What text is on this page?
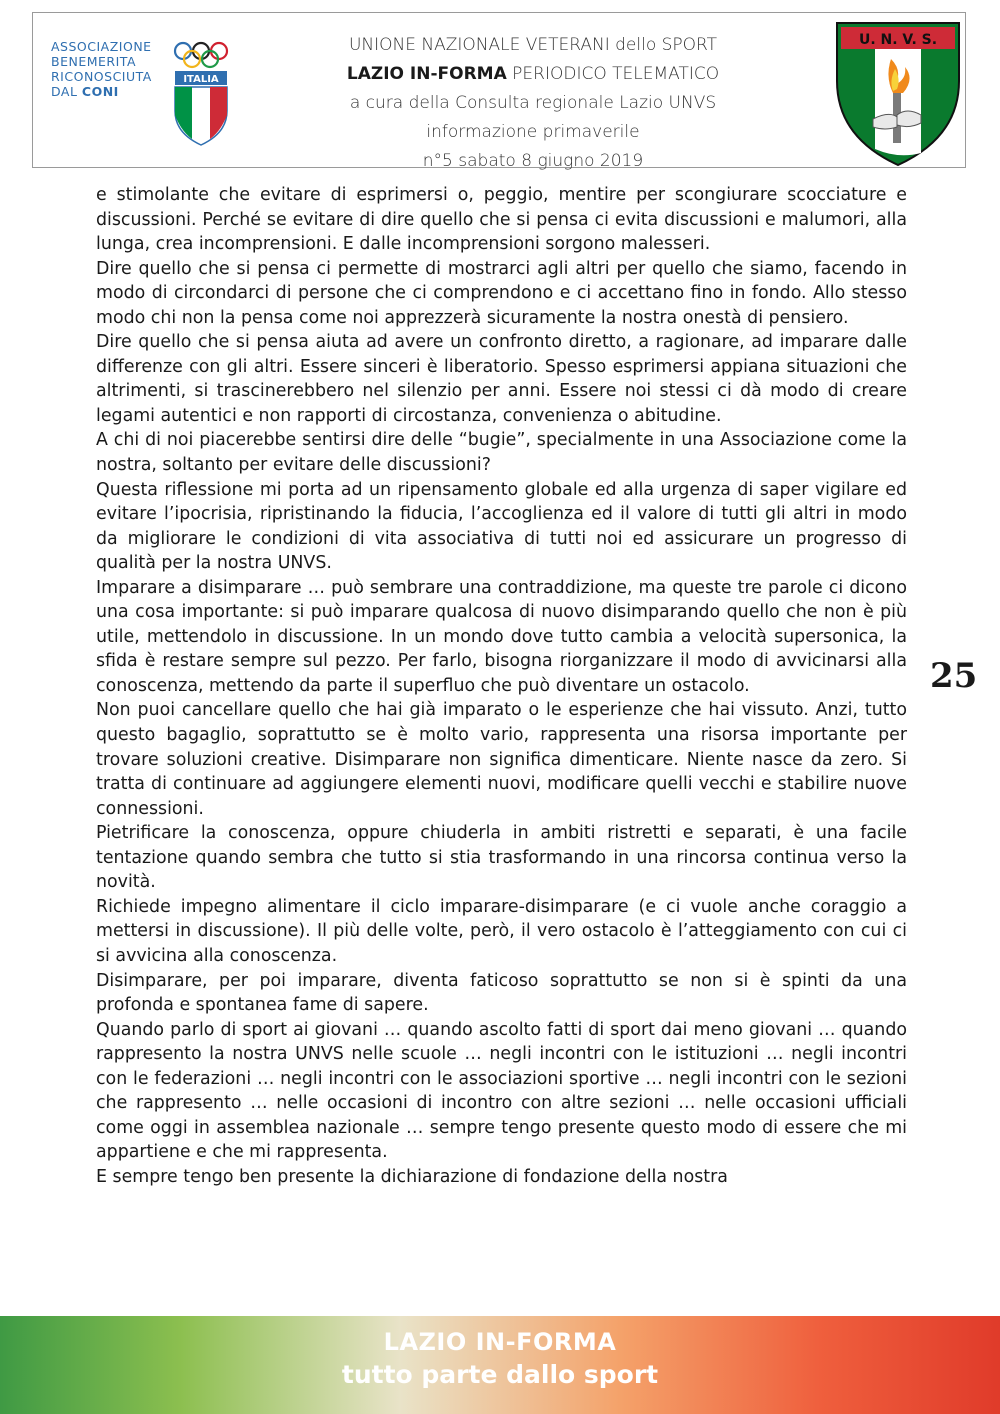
ASSOCIAZIONE
BENEMERITA
RICONOSCIUTA
DAL CONI
ITALIA
UNIONE NAZIONALE VETERANI dello SPORT
LAZIO IN-FORMA PERIODICO TELEMATICO
a cura della Consulta regionale Lazio UNVS
informazione primaverile
n°5 sabato 8 giugno 2019
U. N. V. S.

e stimolante che evitare di esprimersi o, peggio, mentire per scongiurare scocciature e discussioni. Perché se evitare di dire quello che si pensa ci evita discussioni e malumori, alla lunga, crea incomprensioni. E dalle incomprensioni sorgono malesseri.

Dire quello che si pensa ci permette di mostrarci agli altri per quello che siamo, facendo in modo di circondarci di persone che ci comprendono e ci accettano fino in fondo. Allo stesso modo chi non la pensa come noi apprezzerà sicuramente la nostra onestà di pensiero.

Dire quello che si pensa aiuta ad avere un confronto diretto, a ragionare, ad imparare dalle differenze con gli altri. Essere sinceri è liberatorio. Spesso esprimersi appiana situazioni che altrimenti, si trascinerebbero nel silenzio per anni. Essere noi stessi ci dà modo di creare legami autentici e non rapporti di circostanza, convenienza o abitudine.

A chi di noi piacerebbe sentirsi dire delle “bugie”, specialmente in una Associazione come la nostra, soltanto per evitare delle discussioni?

Questa riflessione mi porta ad un ripensamento globale ed alla urgenza di saper vigilare ed evitare l’ipocrisia, ripristinando la fiducia, l’accoglienza ed il valore di tutti gli altri in modo da migliorare le condizioni di vita associativa di tutti noi ed assicurare un progresso di qualità per la nostra UNVS.

Imparare a disimparare … può sembrare una contraddizione, ma queste tre parole ci dicono una cosa importante: si può imparare qualcosa di nuovo disimparando quello che non è più utile, mettendolo in discussione. In un mondo dove tutto cambia a velocità supersonica, la sfida è restare sempre sul pezzo. Per farlo, bisogna riorganizzare il modo di avvicinarsi alla conoscenza, mettendo da parte il superfluo che può diventare un ostacolo.

Non puoi cancellare quello che hai già imparato o le esperienze che hai vissuto. Anzi, tutto questo bagaglio, soprattutto se è molto vario, rappresenta una risorsa importante per trovare soluzioni creative. Disimparare non significa dimenticare. Niente nasce da zero. Si tratta di continuare ad aggiungere elementi nuovi, modificare quelli vecchi e stabilire nuove connessioni.

Pietrificare la conoscenza, oppure chiuderla in ambiti ristretti e separati, è una facile tentazione quando sembra che tutto si stia trasformando in una rincorsa continua verso la novità.

Richiede impegno alimentare il ciclo imparare-disimparare (e ci vuole anche coraggio a mettersi in discussione). Il più delle volte, però, il vero ostacolo è l’atteggiamento con cui ci si avvicina alla conoscenza.

Disimparare, per poi imparare, diventa faticoso soprattutto se non si è spinti da una profonda e spontanea fame di sapere.

Quando parlo di sport ai giovani … quando ascolto fatti di sport dai meno giovani … quando rappresento la nostra UNVS nelle scuole … negli incontri con le istituzioni … negli incontri con le federazioni … negli incontri con le associazioni sportive … negli incontri con le sezioni che rappresento … nelle occasioni di incontro con altre sezioni … nelle occasioni ufficiali come oggi in assemblea nazionale … sempre tengo presente questo modo di essere che mi appartiene e che mi rappresenta.

E sempre tengo ben presente la dichiarazione di fondazione della nostra

25
LAZIO IN-FORMA
tutto parte dallo sport
